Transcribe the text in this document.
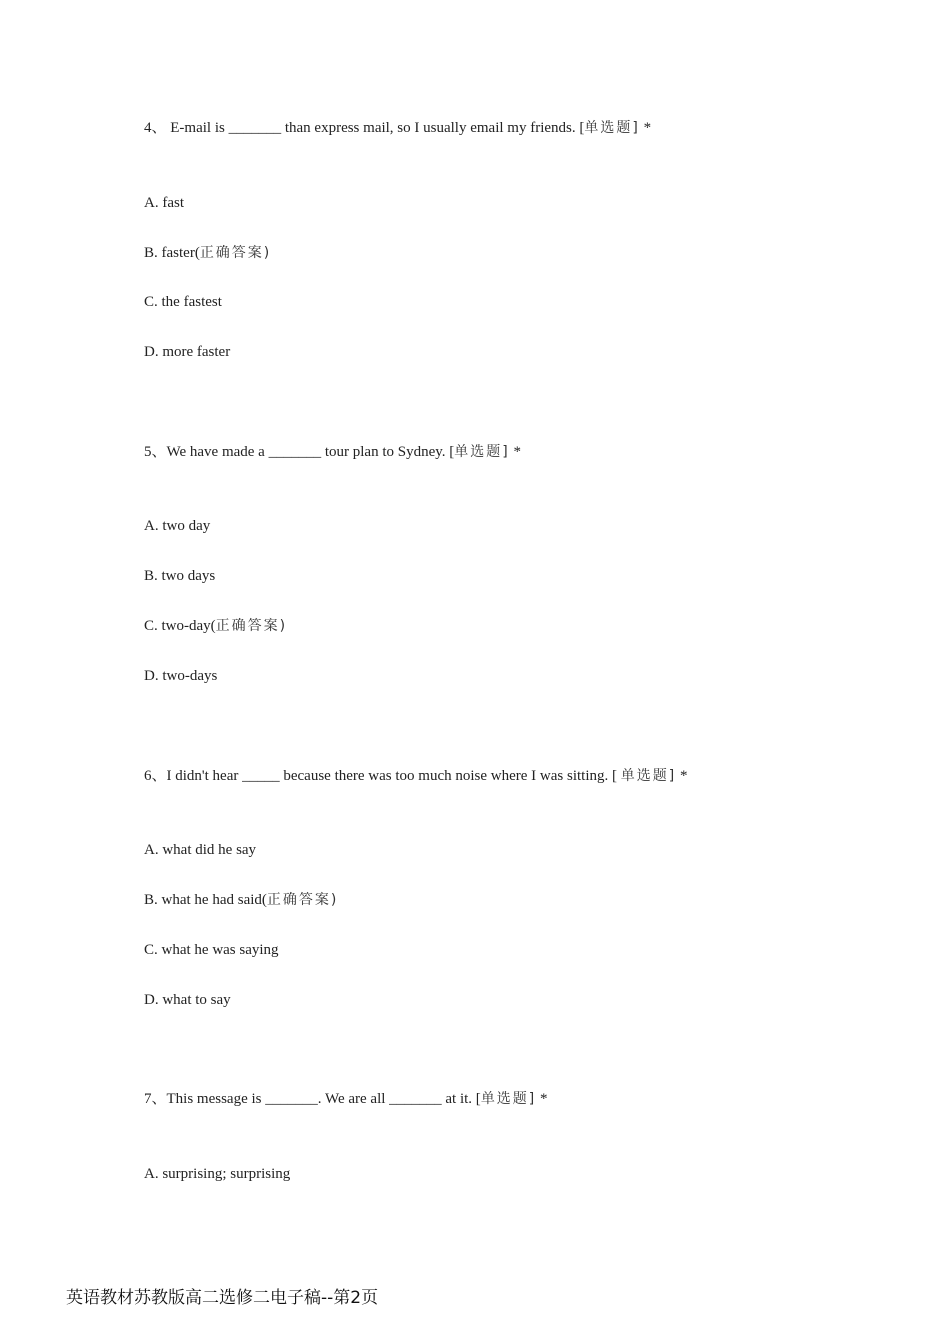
4、 E-mail is _______ than express mail, so I usually email my friends. [单选题] *
A. fast
B. faster(正确答案)
C. the fastest
D. more faster
5、We have made a _______ tour plan to Sydney. [单选题] *
A. two day
B. two days
C. two-day(正确答案)
D. two-days
6、I didn't hear _____ because there was too much noise where I was sitting. [ 单选题] *
A. what did he say
B. what he had said(正确答案)
C. what he was saying
D. what to say
7、This message is _______. We are all _______ at it. [单选题] *
A. surprising; surprising
英语教材苏教版高二选修二电子稿--第2页
